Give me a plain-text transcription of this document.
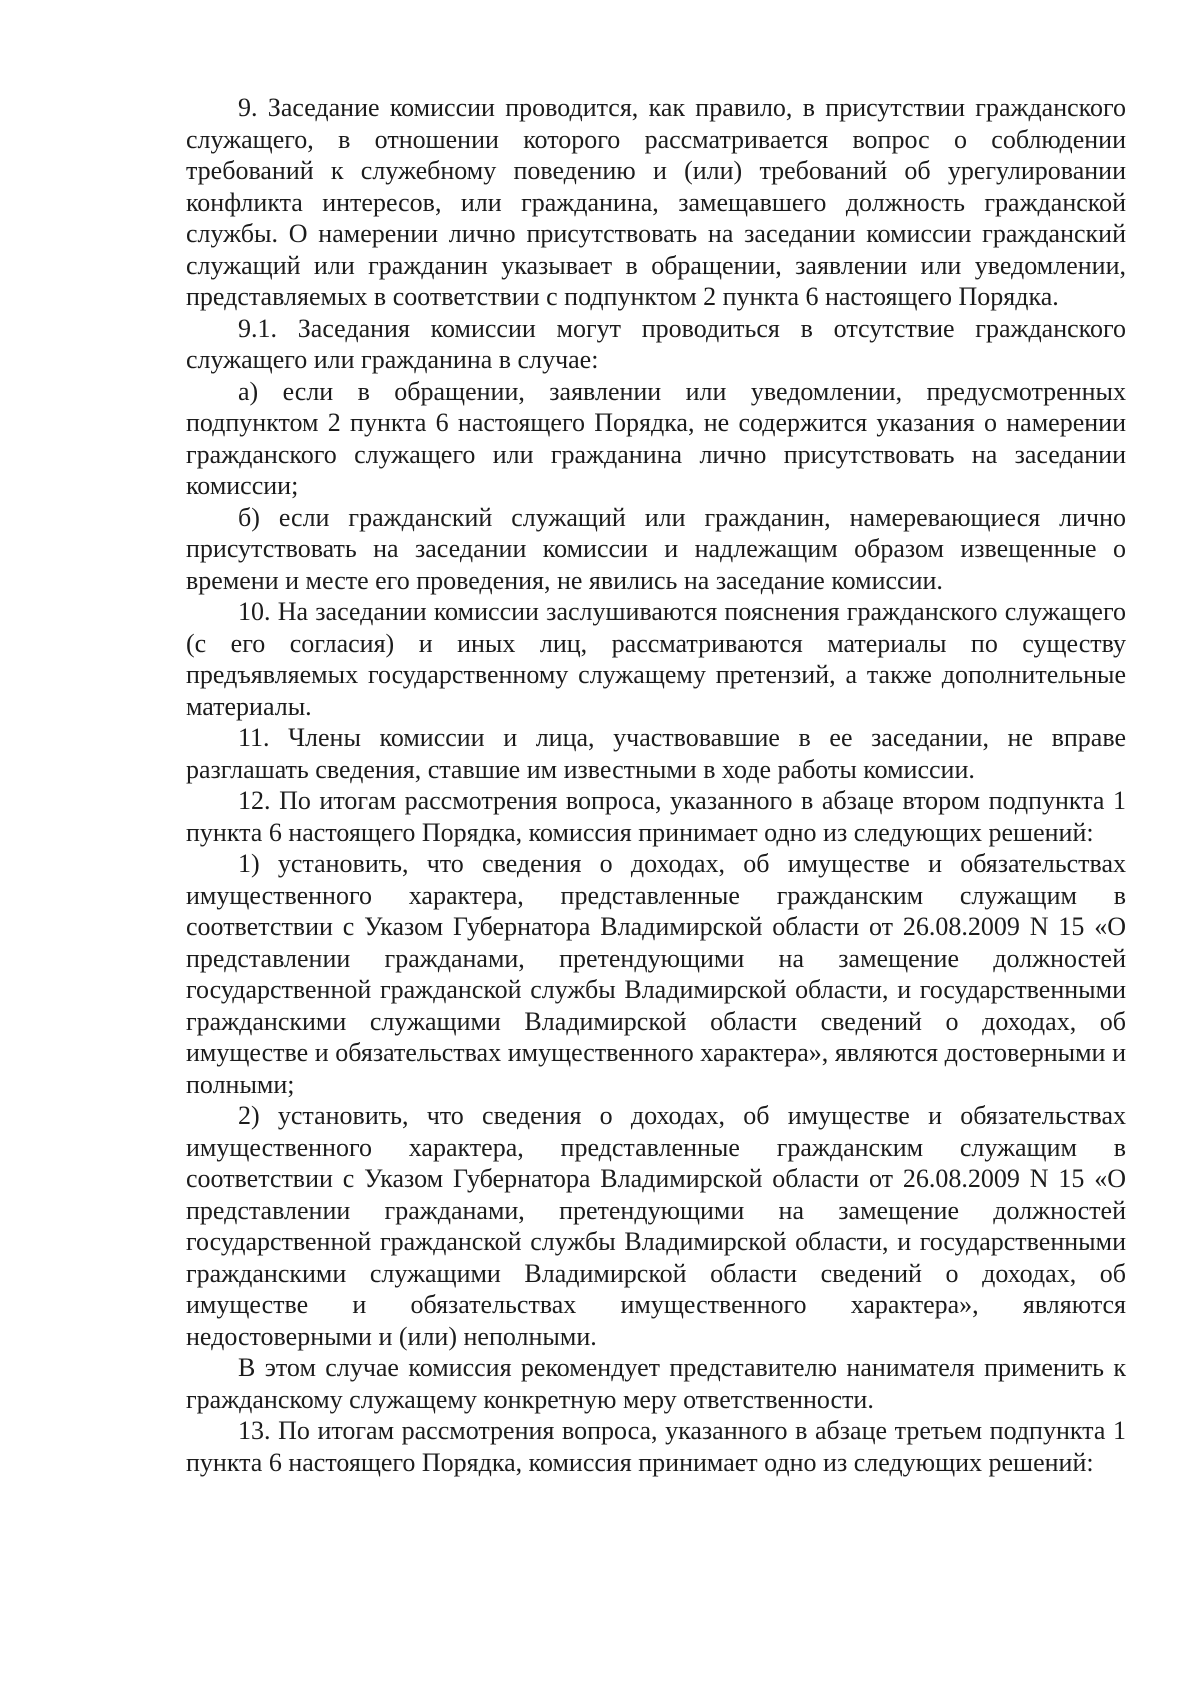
9. Заседание комиссии проводится, как правило, в присутствии гражданского служащего, в отношении которого рассматривается вопрос о соблюдении требований к служебному поведению и (или) требований об урегулировании конфликта интересов, или гражданина, замещавшего должность гражданской службы. О намерении лично присутствовать на заседании комиссии гражданский служащий или гражданин указывает в обращении, заявлении или уведомлении, представляемых в соответствии с подпунктом 2 пункта 6 настоящего Порядка.

9.1. Заседания комиссии могут проводиться в отсутствие гражданского служащего или гражданина в случае:

а) если в обращении, заявлении или уведомлении, предусмотренных подпунктом 2 пункта 6 настоящего Порядка, не содержится указания о намерении гражданского служащего или гражданина лично присутствовать на заседании комиссии;

б) если гражданский служащий или гражданин, намеревающиеся лично присутствовать на заседании комиссии и надлежащим образом извещенные о времени и месте его проведения, не явились на заседание комиссии.

10. На заседании комиссии заслушиваются пояснения гражданского служащего (с его согласия) и иных лиц, рассматриваются материалы по существу предъявляемых государственному служащему претензий, а также дополнительные материалы.

11. Члены комиссии и лица, участвовавшие в ее заседании, не вправе разглашать сведения, ставшие им известными в ходе работы комиссии.

12. По итогам рассмотрения вопроса, указанного в абзаце втором подпункта 1 пункта 6 настоящего Порядка, комиссия принимает одно из следующих решений:

1) установить, что сведения о доходах, об имуществе и обязательствах имущественного характера, представленные гражданским служащим в соответствии с Указом Губернатора Владимирской области от 26.08.2009 N 15 «О представлении гражданами, претендующими на замещение должностей государственной гражданской службы Владимирской области, и государственными гражданскими служащими Владимирской области сведений о доходах, об имуществе и обязательствах имущественного характера», являются достоверными и полными;

2) установить, что сведения о доходах, об имуществе и обязательствах имущественного характера, представленные гражданским служащим в соответствии с Указом Губернатора Владимирской области от 26.08.2009 N 15 «О представлении гражданами, претендующими на замещение должностей государственной гражданской службы Владимирской области, и государственными гражданскими служащими Владимирской области сведений о доходах, об имуществе и обязательствах имущественного характера», являются недостоверными и (или) неполными.

В этом случае комиссия рекомендует представителю нанимателя применить к гражданскому служащему конкретную меру ответственности.

13. По итогам рассмотрения вопроса, указанного в абзаце третьем подпункта 1 пункта 6 настоящего Порядка, комиссия принимает одно из следующих решений:
